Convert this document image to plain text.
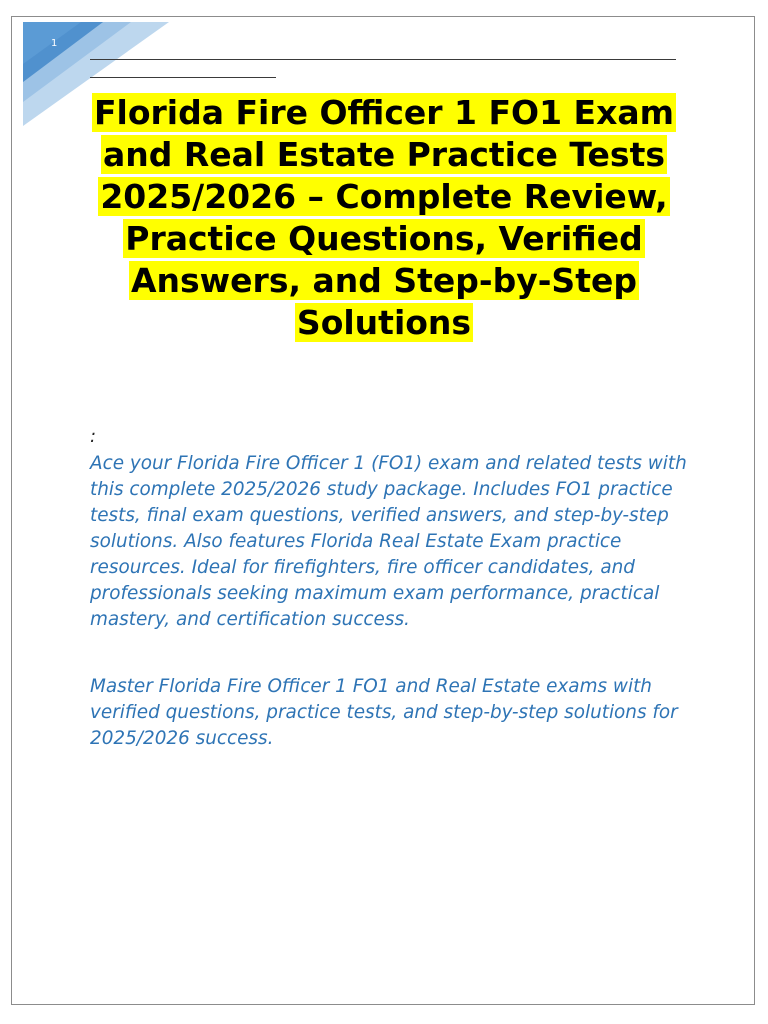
1
Florida Fire Officer 1 FO1 Exam and Real Estate Practice Tests 2025/2026 – Complete Review, Practice Questions, Verified Answers, and Step-by-Step Solutions
:

Ace your Florida Fire Officer 1 (FO1) exam and related tests with this complete 2025/2026 study package. Includes FO1 practice tests, final exam questions, verified answers, and step-by-step solutions. Also features Florida Real Estate Exam practice resources. Ideal for firefighters, fire officer candidates, and professionals seeking maximum exam performance, practical mastery, and certification success.

Master Florida Fire Officer 1 FO1 and Real Estate exams with verified questions, practice tests, and step-by-step solutions for 2025/2026 success.
